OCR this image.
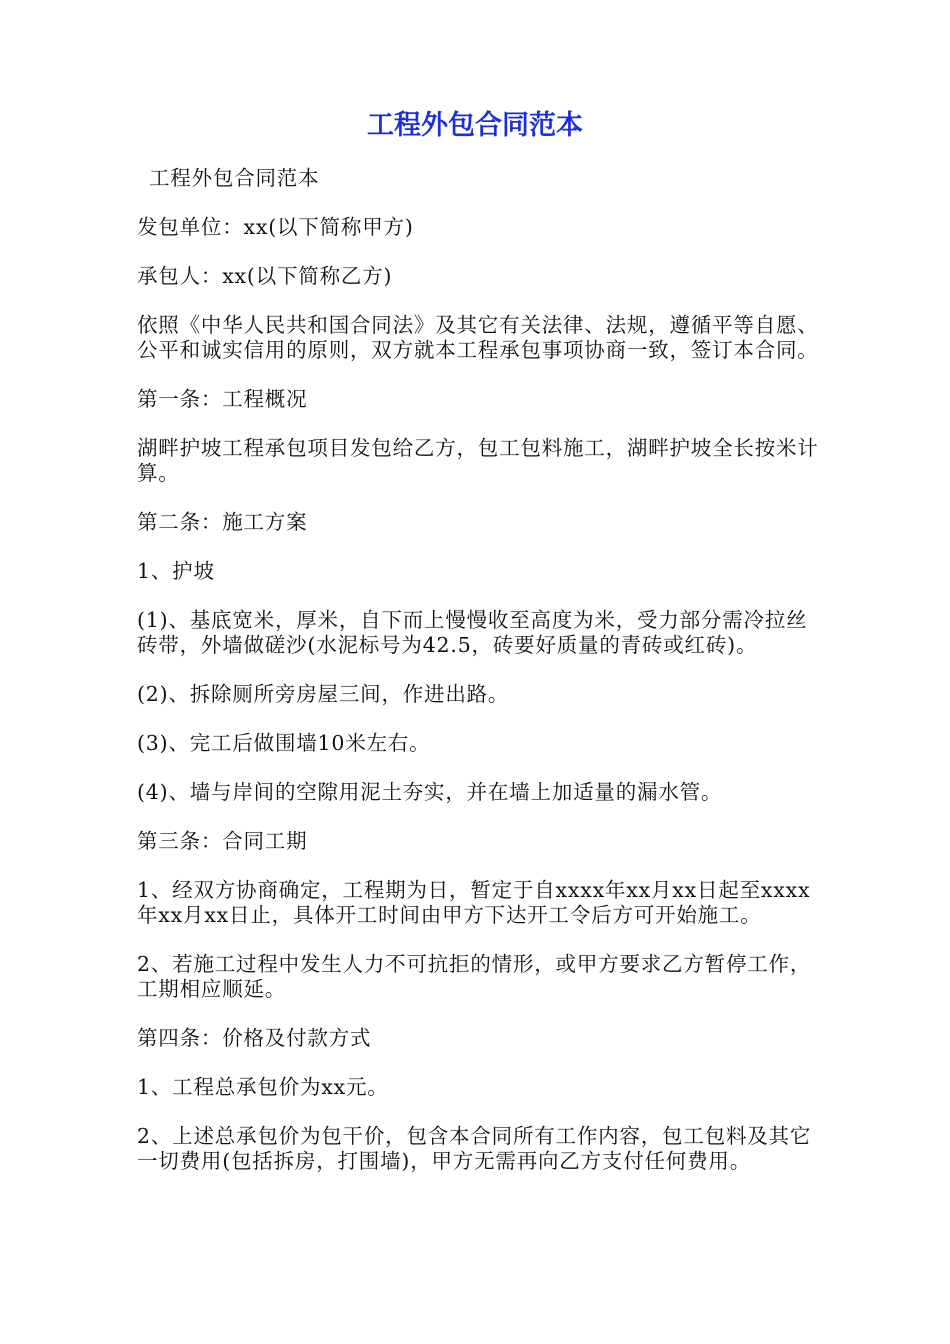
工程外包合同范本

工程外包合同范本

发包单位：xx(以下简称甲方)

承包人：xx(以下简称乙方)

依照《中华人民共和国合同法》及其它有关法律、法规，遵循平等自愿、公平和诚实信用的原则，双方就本工程承包事项协商一致，签订本合同。

第一条：工程概况

湖畔护坡工程承包项目发包给乙方，包工包料施工，湖畔护坡全长按米计算。

第二条：施工方案

1、护坡

(1)、基底宽米，厚米，自下而上慢慢收至高度为米，受力部分需冷拉丝砖带，外墙做磋沙(水泥标号为42.5，砖要好质量的青砖或红砖)。

(2)、拆除厕所旁房屋三间，作进出路。

(3)、完工后做围墙10米左右。

(4)、墙与岸间的空隙用泥土夯实，并在墙上加适量的漏水管。

第三条：合同工期

1、经双方协商确定，工程期为日，暂定于自xxxx年xx月xx日起至xxxx年xx月xx日止，具体开工时间由甲方下达开工令后方可开始施工。

2、若施工过程中发生人力不可抗拒的情形，或甲方要求乙方暂停工作，工期相应顺延。

第四条：价格及付款方式

1、工程总承包价为xx元。

2、上述总承包价为包干价，包含本合同所有工作内容，包工包料及其它一切费用(包括拆房，打围墙)，甲方无需再向乙方支付任何费用。
